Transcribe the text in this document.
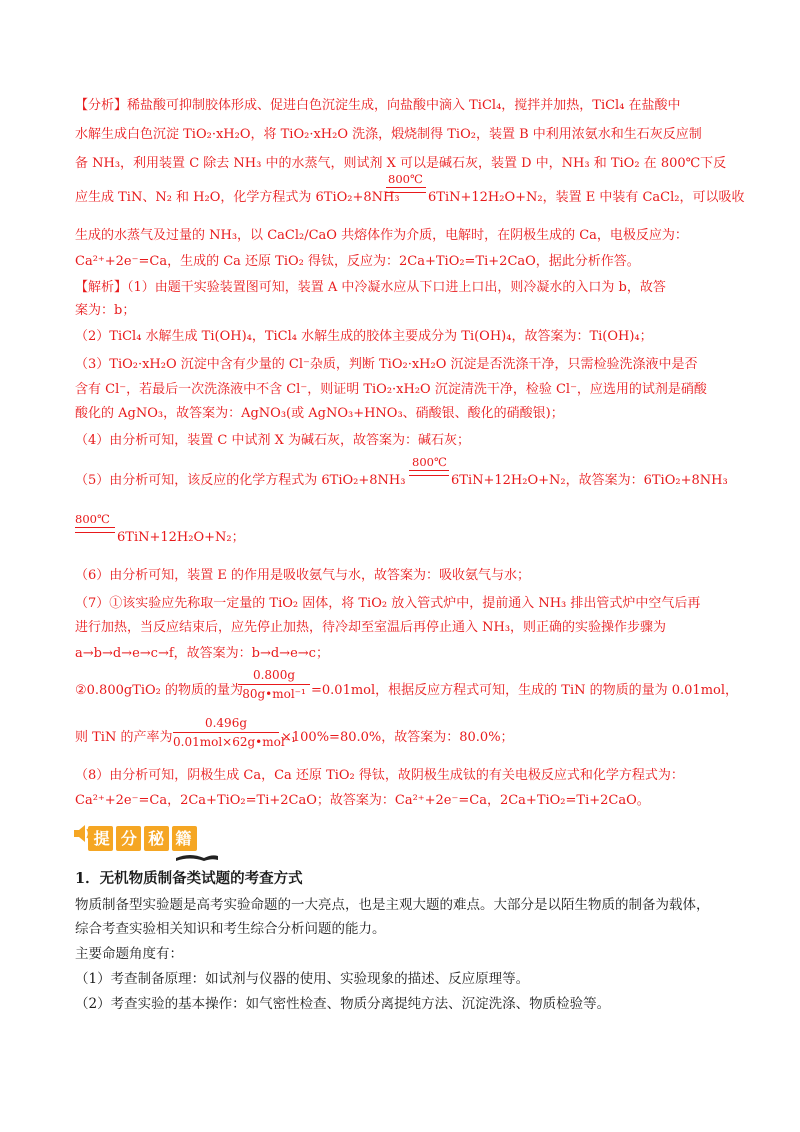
【分析】稀盐酸可抑制胶体形成、促进白色沉淀生成，向盐酸中滴入 TiCl₄，搅拌并加热，TiCl₄ 在盐酸中
水解生成白色沉淀 TiO₂·xH₂O，将 TiO₂·xH₂O 洗涤，煅烧制得 TiO₂，装置 B 中利用浓氨水和生石灰反应制
备 NH₃，利用装置 C 除去 NH₃ 中的水蒸气，则试剂 X 可以是碱石灰，装置 D 中，NH₃ 和 TiO₂ 在 800℃下反
应生成 TiN、N₂ 和 H₂O，化学方程式为 6TiO₂+8NH₃
800℃
6TiN+12H₂O+N₂，装置 E 中装有 CaCl₂，可以吸收
生成的水蒸气及过量的 NH₃，以 CaCl₂/CaO 共熔体作为介质，电解时，在阴极生成的 Ca，电极反应为：
Ca²⁺+2e⁻=Ca，生成的 Ca 还原 TiO₂ 得钛，反应为：2Ca+TiO₂=Ti+2CaO，据此分析作答。
【解析】（1）由题干实验装置图可知，装置 A 中冷凝水应从下口进上口出，则冷凝水的入口为 b，故答
案为：b；
（2）TiCl₄ 水解生成 Ti(OH)₄，TiCl₄ 水解生成的胶体主要成分为 Ti(OH)₄，故答案为：Ti(OH)₄；
（3）TiO₂·xH₂O 沉淀中含有少量的 Cl⁻杂质，判断 TiO₂·xH₂O 沉淀是否洗涤干净，只需检验洗涤液中是否
含有 Cl⁻，若最后一次洗涤液中不含 Cl⁻，则证明 TiO₂·xH₂O 沉淀清洗干净，检验 Cl⁻，应选用的试剂是硝酸
酸化的 AgNO₃，故答案为：AgNO₃(或 AgNO₃+HNO₃、硝酸银、酸化的硝酸银)；
（4）由分析可知，装置 C 中试剂 X 为碱石灰，故答案为：碱石灰；
（5）由分析可知，该反应的化学方程式为 6TiO₂+8NH₃
800℃
6TiN+12H₂O+N₂，故答案为：6TiO₂+8NH₃
800℃
6TiN+12H₂O+N₂；
（6）由分析可知，装置 E 的作用是吸收氨气与水，故答案为：吸收氨气与水；
（7）①该实验应先称取一定量的 TiO₂ 固体，将 TiO₂ 放入管式炉中，提前通入 NH₃ 排出管式炉中空气后再
进行加热，当反应结束后，应先停止加热，待冷却至室温后再停止通入 NH₃，则正确的实验操作步骤为
a→b→d→e→c→f，故答案为：b→d→e→c；
②0.800gTiO₂ 的物质的量为
0.800g
80g•mol⁻¹ =0.01mol，根据反应方程式可知，生成的 TiN 的物质的量为 0.01mol，
则 TiN 的产率为
0.496g
0.01mol×62g•mol⁻¹
×100%=80.0%，故答案为：80.0%；
（8）由分析可知，阴极生成 Ca，Ca 还原 TiO₂ 得钛，故阴极生成钛的有关电极反应式和化学方程式为：
Ca²⁺+2e⁻=Ca，2Ca+TiO₂=Ti+2CaO；故答案为：Ca²⁺+2e⁻=Ca，2Ca+TiO₂=Ti+2CaO。
提 分 秘 籍
1．无机物质制备类试题的考查方式
物质制备型实验题是高考实验命题的一大亮点，也是主观大题的难点。大部分是以陌生物质的制备为载体，
综合考查实验相关知识和考生综合分析问题的能力。
主要命题角度有：
（1）考查制备原理：如试剂与仪器的使用、实验现象的描述、反应原理等。
（2）考查实验的基本操作：如气密性检查、物质分离提纯方法、沉淀洗涤、物质检验等。
